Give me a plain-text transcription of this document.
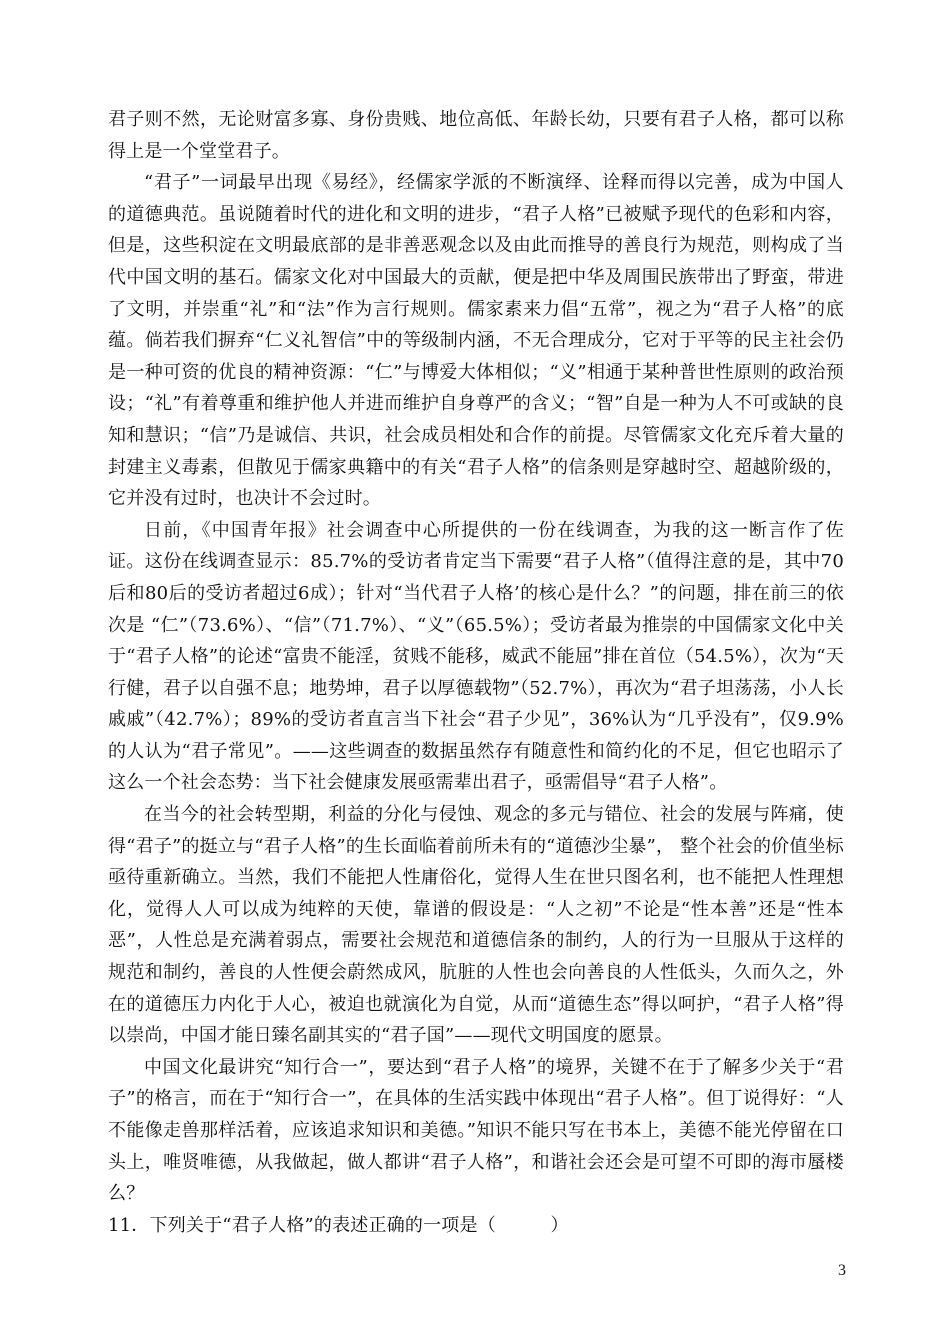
君子则不然，无论财富多寡、身份贵贱、地位高低、年龄长幼，只要有君子人格，都可以称得上是一个堂堂君子。

“君子”一词最早出现《易经》，经儒家学派的不断演绎、诠释而得以完善，成为中国人的道德典范。虽说随着时代的进化和文明的进步，“君子人格”已被赋予现代的色彩和内容，但是，这些积淀在文明最底部的是非善恶观念以及由此而推导的善良行为规范，则构成了当代中国文明的基石。儒家文化对中国最大的贡献，便是把中华及周围民族带出了野蛮，带进了文明，并崇重“礼”和“法”作为言行规则。儒家素来力倡“五常”，视之为“君子人格”的底蕴。倘若我们摒弃“仁义礼智信”中的等级制内涵，不无合理成分，它对于平等的民主社会仍是一种可资的优良的精神资源：“仁”与博爱大体相似；“义”相通于某种普世性原则的政治预设；“礼”有着尊重和维护他人并进而维护自身尊严的含义；“智”自是一种为人不可或缺的良知和慧识；“信”乃是诚信、共识，社会成员相处和合作的前提。尽管儒家文化充斥着大量的封建主义毒素，但散见于儒家典籍中的有关“君子人格”的信条则是穿越时空、超越阶级的，它并没有过时，也决计不会过时。

日前，《中国青年报》社会调查中心所提供的一份在线调查，为我的这一断言作了佐证。这份在线调查显示：85.7%的受访者肯定当下需要“君子人格”（值得注意的是，其中70后和80后的受访者超过6成）；针对“当代君子人格’的核心是什么？”的问题，排在前三的依次是 “仁”（73.6%）、“信”（71.7%）、“义”（65.5%）；受访者最为推崇的中国儒家文化中关于“君子人格”的论述“富贵不能淫，贫贱不能移，威武不能屈”排在首位（54.5%），次为“天行健，君子以自强不息；地势坤，君子以厚德载物”（52.7%），再次为“君子坦荡荡，小人长戚戚”（42.7%）；89%的受访者直言当下社会“君子少见”，36%认为“几乎没有”，仅9.9%的人认为“君子常见”。——这些调查的数据虽然存有随意性和简约化的不足，但它也昭示了这么一个社会态势：当下社会健康发展亟需辈出君子，亟需倡导“君子人格”。

在当今的社会转型期，利益的分化与侵蚀、观念的多元与错位、社会的发展与阵痛，使得“君子”的挺立与“君子人格”的生长面临着前所未有的“道德沙尘暴”， 整个社会的价值坐标亟待重新确立。当然，我们不能把人性庸俗化，觉得人生在世只图名利，也不能把人性理想化，觉得人人可以成为纯粹的天使，靠谱的假设是：“人之初”不论是“性本善”还是“性本恶”，人性总是充满着弱点，需要社会规范和道德信条的制约，人的行为一旦服从于这样的规范和制约，善良的人性便会蔚然成风，肮脏的人性也会向善良的人性低头，久而久之，外在的道德压力内化于人心，被迫也就演化为自觉，从而“道德生态”得以呵护，“君子人格”得以崇尚，中国才能日臻名副其实的“君子国”——现代文明国度的愿景。

中国文化最讲究“知行合一”，要达到“君子人格”的境界，关键不在于了解多少关于“君子”的格言，而在于“知行合一”，在具体的生活实践中体现出“君子人格”。但丁说得好：“人不能像走兽那样活着，应该追求知识和美德。”知识不能只写在书本上，美德不能光停留在口头上，唯贤唯德，从我做起，做人都讲“君子人格”，和谐社会还会是可望不可即的海市蜃楼么？

11．下列关于“君子人格”的表述正确的一项是（　　　）

3
